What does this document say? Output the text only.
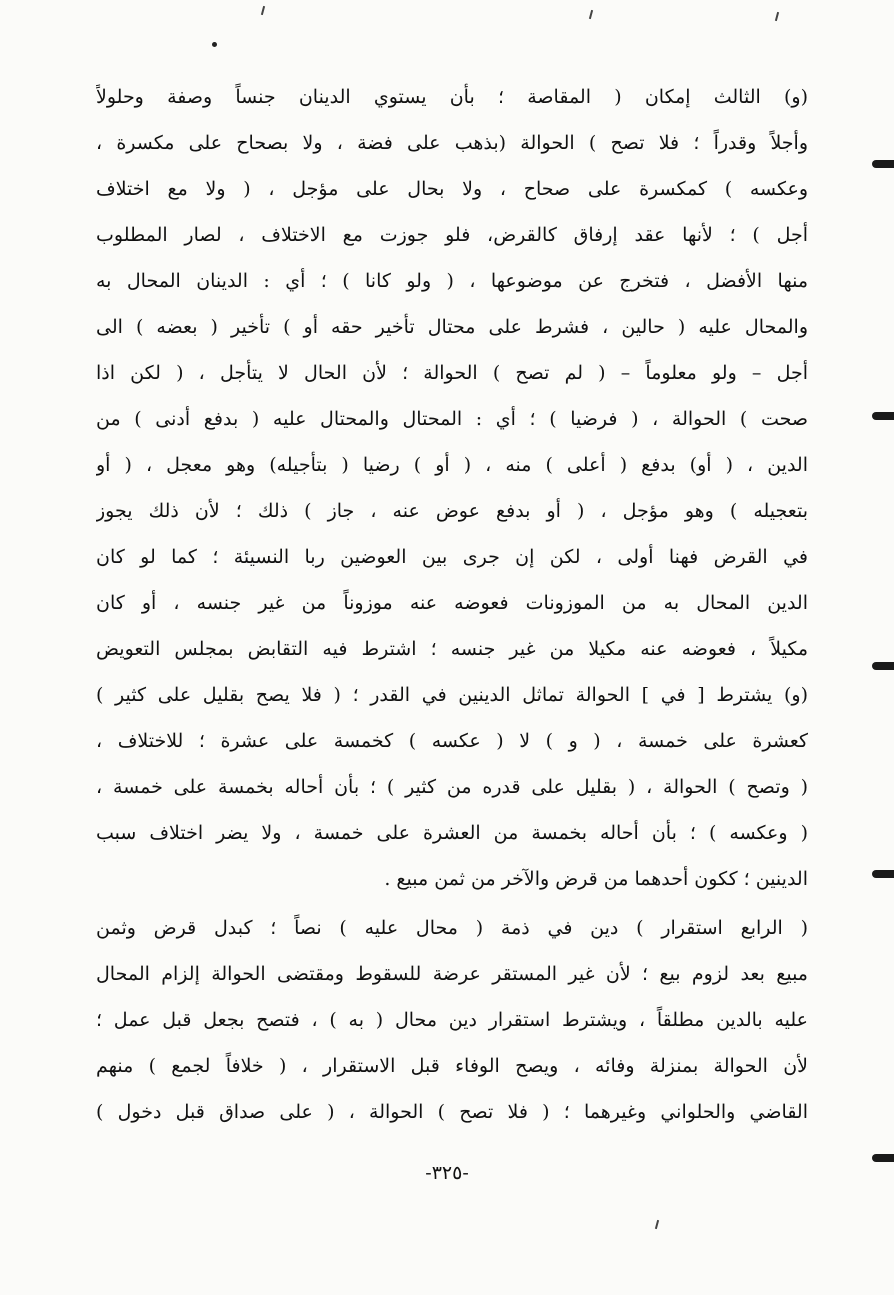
(و) الثالث إمكان ( المقاصة ؛ بأن يستوي الدينان جنساً وصفة وحلولاً
وأجلاً وقدراً ؛ فلا تصح ) الحوالة (بذهب على فضة ، ولا بصحاح على مكسرة ،
وعكسه ) كمكسرة على صحاح ، ولا بحال على مؤجل ، ( ولا مع اختلاف
أجل ) ؛ لأنها عقد إرفاق كالقرض، فلو جوزت مع الاختلاف ، لصار المطلوب
منها الأفضل ، فتخرج عن موضوعها ، ( ولو كانا ) ؛ أي : الدينان المحال به
والمحال عليه ( حالين ، فشرط على محتال تأخير حقه أو ) تأخير ( بعضه ) الى
أجل – ولو معلوماً – ( لم تصح ) الحوالة ؛ لأن الحال لا يتأجل ، ( لكن اذا
صحت ) الحوالة ، ( فرضيا ) ؛ أي : المحتال والمحتال عليه ( بدفع أدنى ) من
الدين ، ( أو) بدفع ( أعلى ) منه ، ( أو ) رضيا ( بتأجيله) وهو معجل ، ( أو
بتعجيله ) وهو مؤجل ، ( أو بدفع عوض عنه ، جاز ) ذلك ؛ لأن ذلك يجوز
في القرض فهنا أولى ، لكن إن جرى بين العوضين ربا النسيئة ؛ كما لو كان
الدين المحال به من الموزونات فعوضه عنه موزوناً من غير جنسه ، أو كان
مكيلاً ، فعوضه عنه مكيلا من غير جنسه ؛ اشترط فيه التقابض بمجلس التعويض
(و) يشترط [ في ] الحوالة تماثل الدينين في القدر ؛ ( فلا يصح بقليل على كثير )
كعشرة على خمسة ، ( و ) لا ( عكسه ) كخمسة على عشرة ؛ للاختلاف ،
( وتصح ) الحوالة ، ( بقليل على قدره من كثير ) ؛ بأن أحاله بخمسة على خمسة ،
( وعكسه ) ؛ بأن أحاله بخمسة من العشرة على خمسة ، ولا يضر اختلاف سبب
الدينين ؛ ككون أحدهما من قرض والآخر من ثمن مبيع .
( الرابع استقرار ) دين في ذمة ( محال عليه ) نصاً ؛ كبدل قرض وثمن
مبيع بعد لزوم بيع ؛ لأن غير المستقر عرضة للسقوط ومقتضى الحوالة إلزام المحال
عليه بالدين مطلقاً ، ويشترط استقرار دين محال ( به ) ، فتصح بجعل قبل عمل ؛
لأن الحوالة بمنزلة وفائه ، ويصح الوفاء قبل الاستقرار ، ( خلافاً لجمع ) منهم
القاضي والحلواني وغيرهما ؛ ( فلا تصح ) الحوالة ، ( على صداق قبل دخول )
-٣٢٥-
